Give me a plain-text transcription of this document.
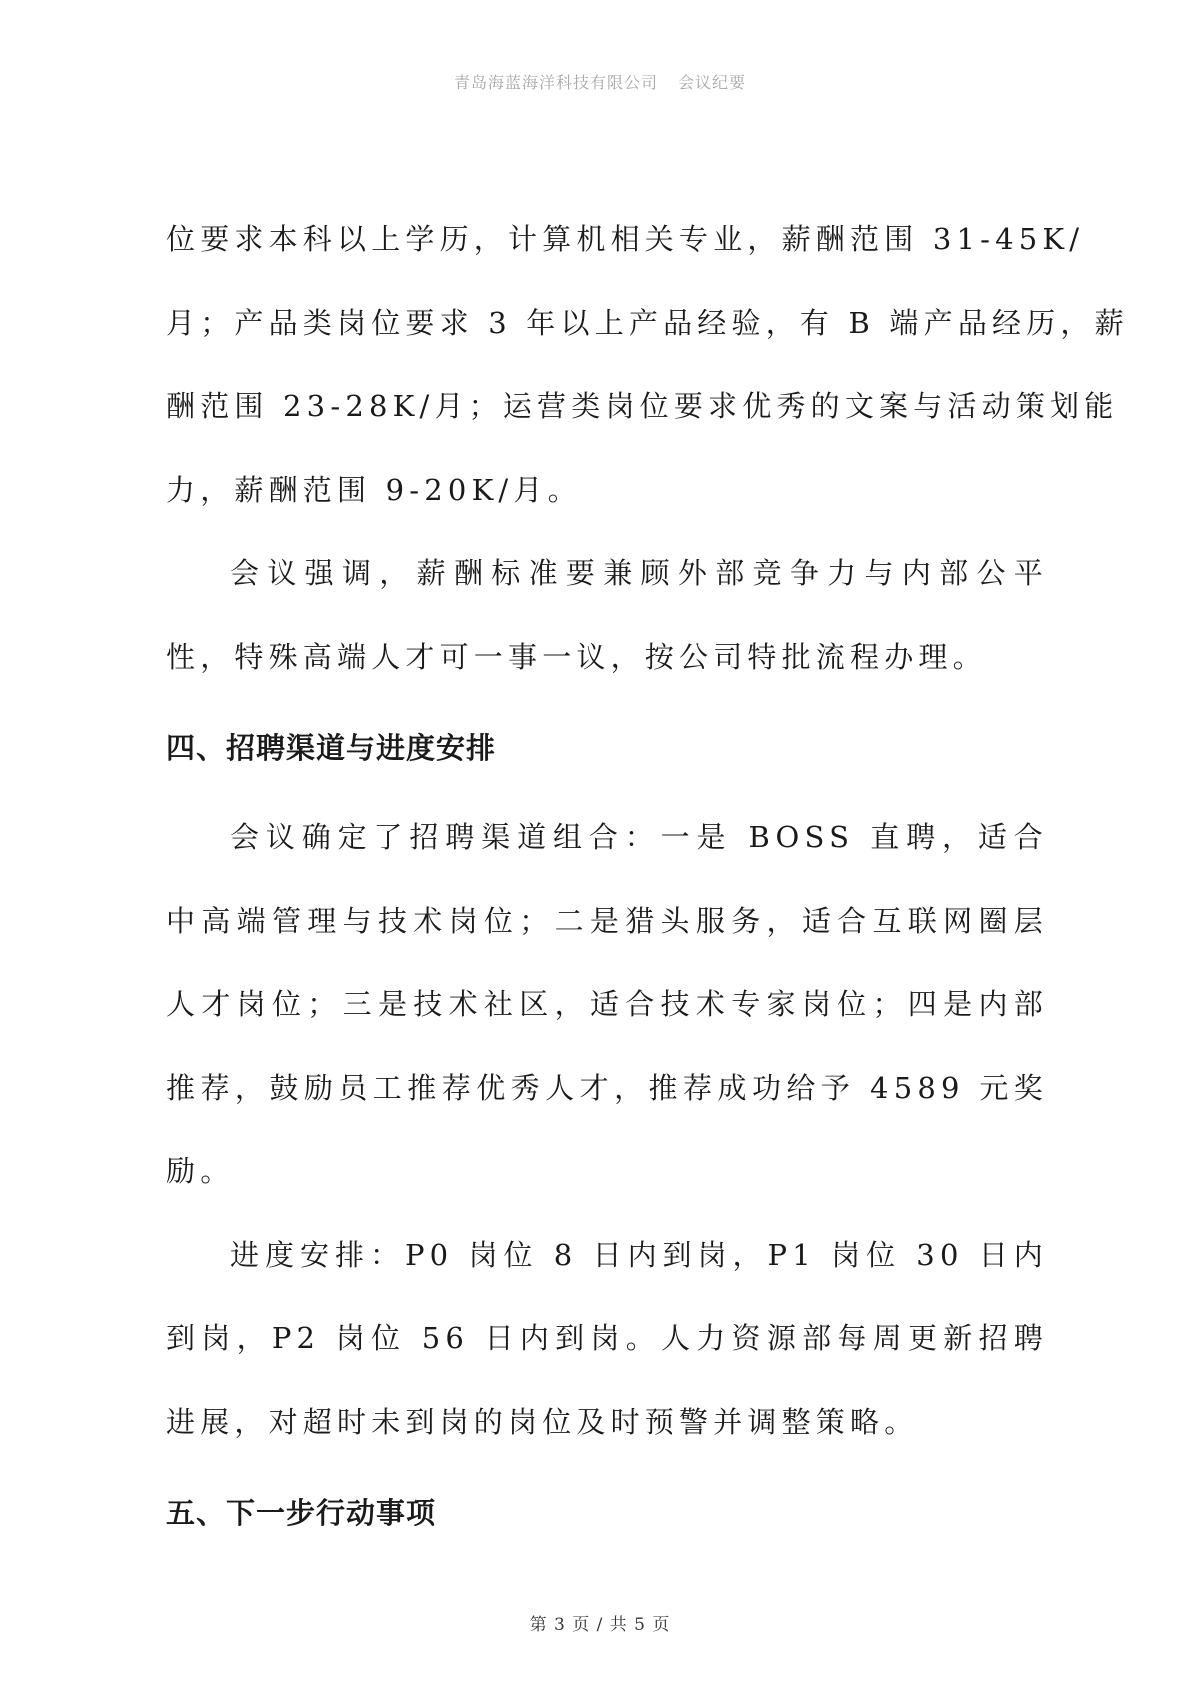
青岛海蓝海洋科技有限公司 会议纪要

位要求本科以上学历，计算机相关专业，薪酬范围 31-45K/

月；产品类岗位要求 3 年以上产品经验，有 B 端产品经历，薪

酬范围 23-28K/月；运营类岗位要求优秀的文案与活动策划能

力，薪酬范围 9-20K/月。

会议强调，薪酬标准要兼顾外部竞争力与内部公平性，特殊高端人才可一事一议，按公司特批流程办理。

四、招聘渠道与进度安排

会议确定了招聘渠道组合：一是 BOSS 直聘，适合中高端管理与技术岗位；二是猎头服务，适合互联网圈层人才岗位；三是技术社区，适合技术专家岗位；四是内部推荐，鼓励员工推荐优秀人才，推荐成功给予 4589 元奖励。

进度安排：P0 岗位 8 日内到岗，P1 岗位 30 日内到岗，P2 岗位 56 日内到岗。人力资源部每周更新招聘进展，对超时未到岗的岗位及时预警并调整策略。

五、下一步行动事项
第 3 页 / 共 5 页
